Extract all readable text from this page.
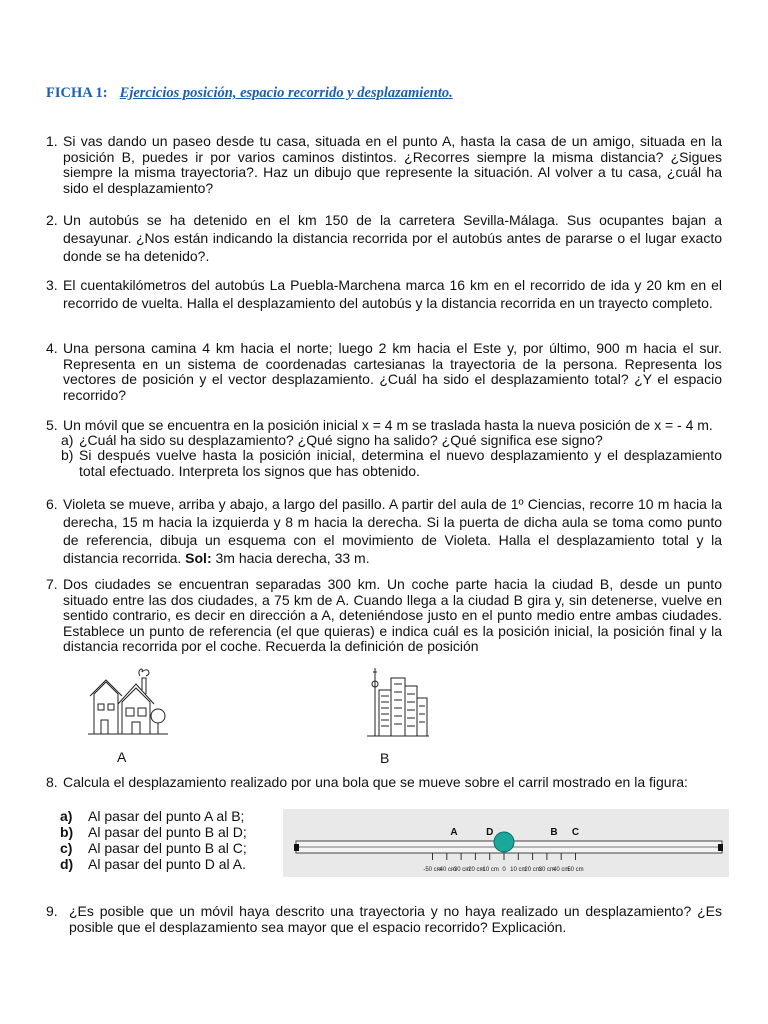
FICHA 1: Ejercicios posición, espacio recorrido y desplazamiento.
1. Si vas dando un paseo desde tu casa, situada en el punto A, hasta la casa de un amigo, situada en la posición B, puedes ir por varios caminos distintos. ¿Recorres siempre la misma distancia? ¿Sigues siempre la misma trayectoria?. Haz un dibujo que represente la situación. Al volver a tu casa, ¿cuál ha sido el desplazamiento?
2. Un autobús se ha detenido en el km 150 de la carretera Sevilla-Málaga. Sus ocupantes bajan a desayunar. ¿Nos están indicando la distancia recorrida por el autobús antes de pararse o el lugar exacto donde se ha detenido?.
3. El cuentakilómetros del autobús La Puebla-Marchena marca 16 km en el recorrido de ida y 20 km en el recorrido de vuelta. Halla el desplazamiento del autobús y la distancia recorrida en un trayecto completo.
4. Una persona camina 4 km hacia el norte; luego 2 km hacia el Este y, por último, 900 m hacia el sur. Representa en un sistema de coordenadas cartesianas la trayectoria de la persona. Representa los vectores de posición y el vector desplazamiento. ¿Cuál ha sido el desplazamiento total? ¿Y el espacio recorrido?
5. Un móvil que se encuentra en la posición inicial x = 4 m se traslada hasta la nueva posición de x = - 4 m.
a) ¿Cuál ha sido su desplazamiento? ¿Qué signo ha salido? ¿Qué significa ese signo?
b) Si después vuelve hasta la posición inicial, determina el nuevo desplazamiento y el desplazamiento total efectuado. Interpreta los signos que has obtenido.
6. Violeta se mueve, arriba y abajo, a largo del pasillo. A partir del aula de 1º Ciencias, recorre 10 m hacia la derecha, 15 m hacia la izquierda y 8 m hacia la derecha. Si la puerta de dicha aula se toma como punto de referencia, dibuja un esquema con el movimiento de Violeta. Halla el desplazamiento total y la distancia recorrida. Sol: 3m hacia derecha, 33 m.
7. Dos ciudades se encuentran separadas 300 km. Un coche parte hacia la ciudad B, desde un punto situado entre las dos ciudades, a 75 km de A. Cuando llega a la ciudad B gira y, sin detenerse, vuelve en sentido contrario, es decir en dirección a A, deteniéndose justo en el punto medio entre ambas ciudades. Establece un punto de referencia (el que quieras) e indica cuál es la posición inicial, la posición final y la distancia recorrida por el coche. Recuerda la definición de posición
A	B
8. Calcula el desplazamiento realizado por una bola que se mueve sobre el carril mostrado en la figura:
a) Al pasar del punto A al B;
b) Al pasar del punto B al D;
c) Al pasar del punto B al C;
d) Al pasar del punto D al A.	-50 cm
-40 cm
-30 cm
-20 cm
-10 cm 0 10 cm
20 cm
30 cm
40 cm
50 cm
A	D	B C
9. ¿Es posible que un móvil haya descrito una trayectoria y no haya realizado un desplazamiento? ¿Es posible que el desplazamiento sea mayor que el espacio recorrido? Explicación.
